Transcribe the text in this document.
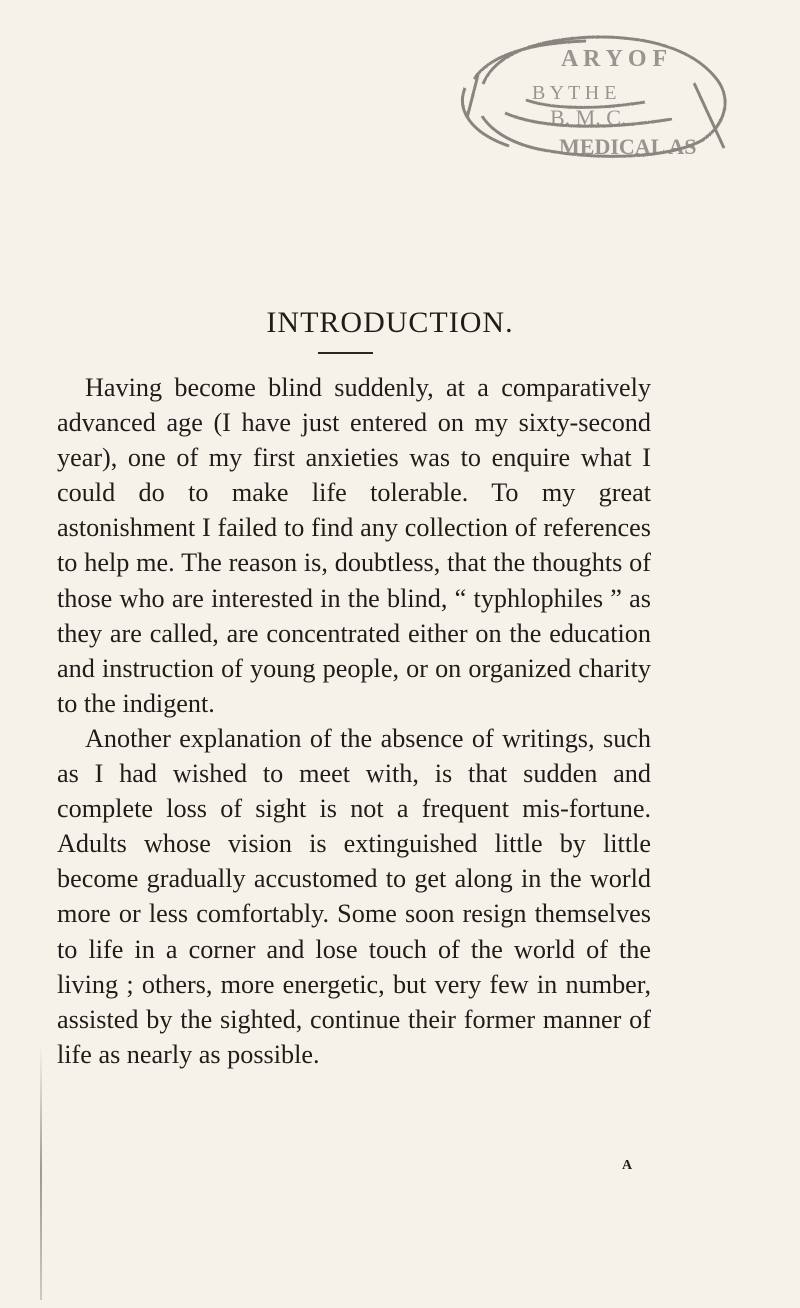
A R Y O F
B Y T H E
B. M. C.
MEDICAL AS
INTRODUCTION.

Having become blind suddenly, at a comparatively advanced age (I have just entered on my sixty-second year), one of my first anxieties was to enquire what I could do to make life tolerable. To my great astonishment I failed to find any collection of references to help me. The reason is, doubtless, that the thoughts of those who are interested in the blind, “ typhlophiles ” as they are called, are concentrated either on the education and instruction of young people, or on organized charity to the indigent.

Another explanation of the absence of writings, such as I had wished to meet with, is that sudden and complete loss of sight is not a frequent mis-fortune. Adults whose vision is extinguished little by little become gradually accustomed to get along in the world more or less comfortably. Some soon resign themselves to life in a corner and lose touch of the world of the living ; others, more energetic, but very few in number, assisted by the sighted, continue their former manner of life as nearly as possible.

A
